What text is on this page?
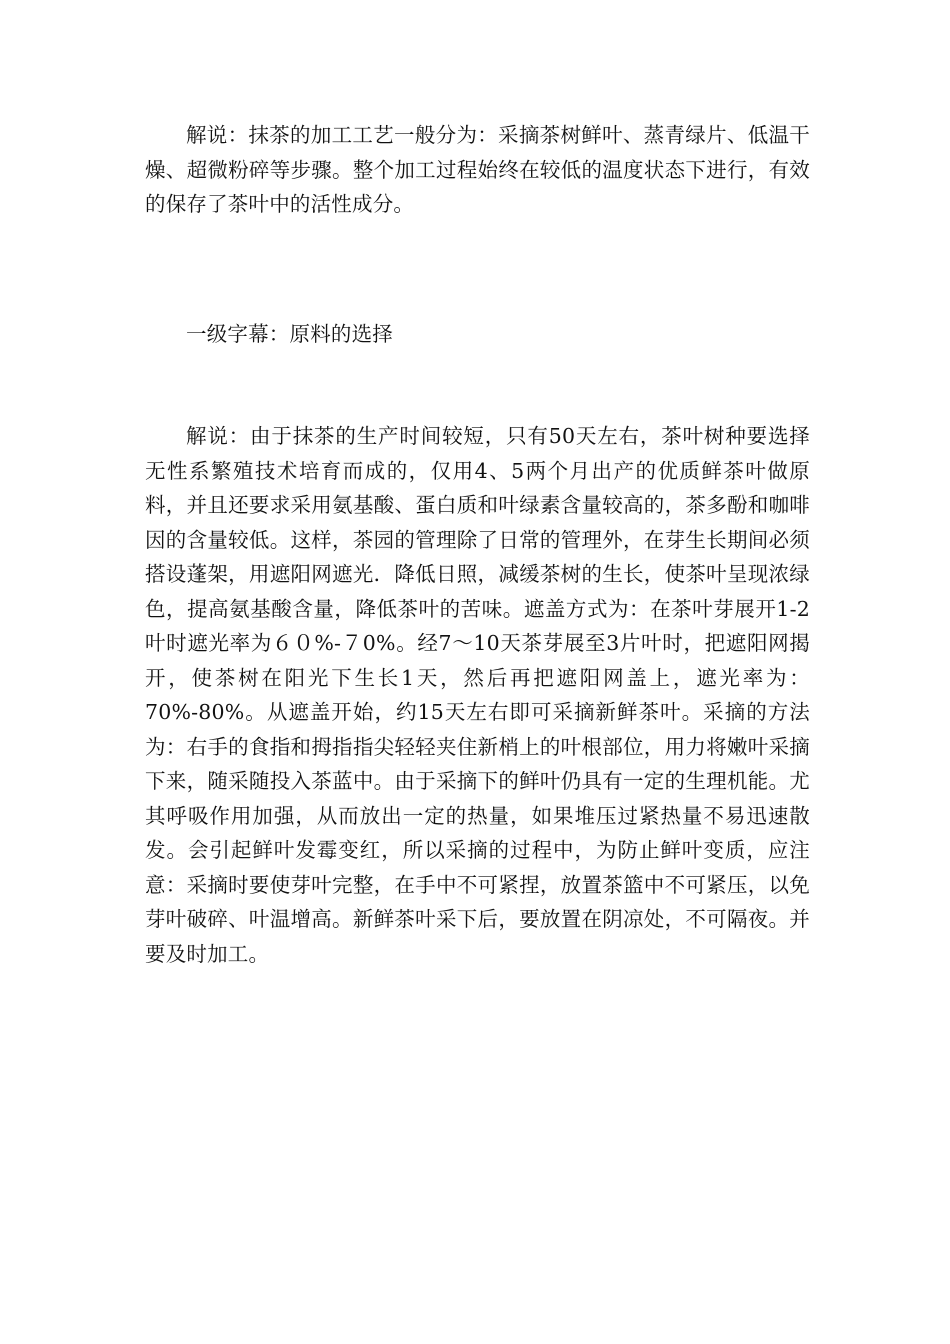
解说：抹茶的加工工艺一般分为：采摘茶树鲜叶、蒸青绿片、低温干燥、超微粉碎等步骤。整个加工过程始终在较低的温度状态下进行，有效的保存了茶叶中的活性成分。

一级字幕：原料的选择

解说：由于抹茶的生产时间较短，只有50天左右，茶叶树种要选择无性系繁殖技术培育而成的，仅用4、5两个月出产的优质鲜茶叶做原料，并且还要求采用氨基酸、蛋白质和叶绿素含量较高的，茶多酚和咖啡因的含量较低。这样，茶园的管理除了日常的管理外，在芽生长期间必须搭设蓬架，用遮阳网遮光．降低日照，减缓茶树的生长，使茶叶呈现浓绿色，提高氨基酸含量，降低茶叶的苦味。遮盖方式为：在茶叶芽展开1-2叶时遮光率为６０%-７0%。经7～10天茶芽展至3片叶时，把遮阳网揭开，使茶树在阳光下生长1天，然后再把遮阳网盖上，遮光率为：70%-80%。从遮盖开始，约15天左右即可采摘新鲜茶叶。采摘的方法为：右手的食指和拇指指尖轻轻夹住新梢上的叶根部位，用力将嫩叶采摘下来，随采随投入茶蓝中。由于采摘下的鲜叶仍具有一定的生理机能。尤其呼吸作用加强，从而放出一定的热量，如果堆压过紧热量不易迅速散发。会引起鲜叶发霉变红，所以采摘的过程中，为防止鲜叶变质，应注意：采摘时要使芽叶完整，在手中不可紧捏，放置茶篮中不可紧压，以免芽叶破碎、叶温增高。新鲜茶叶采下后，要放置在阴凉处，不可隔夜。并要及时加工。
